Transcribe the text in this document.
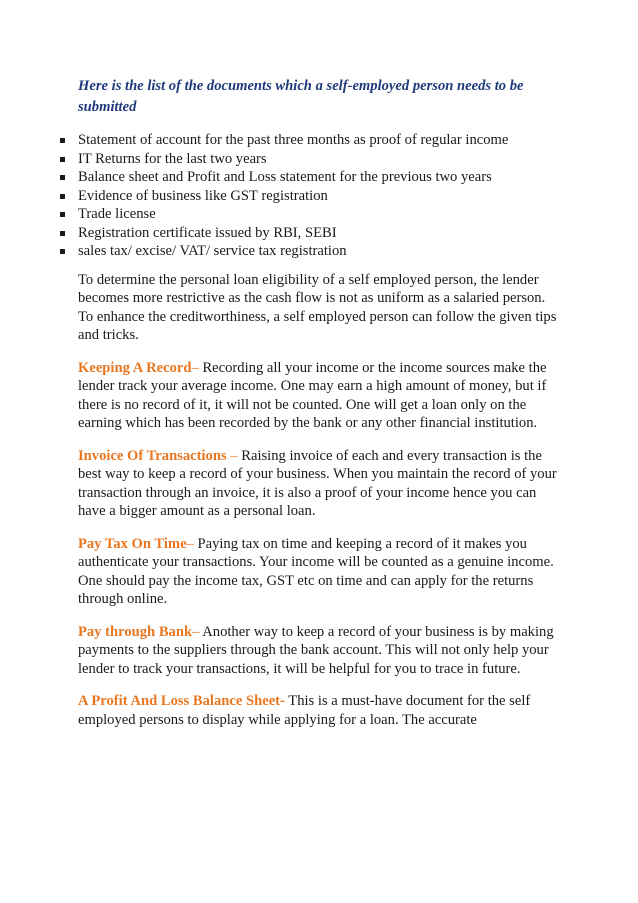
Here is the list of the documents which a self-employed person needs to be submitted
Statement of account for the past three months as proof of regular income
IT Returns for the last two years
Balance sheet and Profit and Loss statement for the previous two years
Evidence of business like GST registration
Trade license
Registration certificate issued by RBI, SEBI
sales tax/ excise/ VAT/ service tax registration

To determine the personal loan eligibility of a self employed person, the lender becomes more restrictive as the cash flow is not as uniform as a salaried person. To enhance the creditworthiness, a self employed person can follow the given tips and tricks.

Keeping A Record– Recording all your income or the income sources make the lender track your average income. One may earn a high amount of money, but if there is no record of it, it will not be counted. One will get a loan only on the earning which has been recorded by the bank or any other financial institution.

Invoice Of Transactions – Raising invoice of each and every transaction is the best way to keep a record of your business. When you maintain the record of your transaction through an invoice, it is also a proof of your income hence you can have a bigger amount as a personal loan.

Pay Tax On Time– Paying tax on time and keeping a record of it makes you authenticate your transactions. Your income will be counted as a genuine income. One should pay the income tax, GST etc on time and can apply for the returns through online.

Pay through Bank– Another way to keep a record of your business is by making payments to the suppliers through the bank account. This will not only help your lender to track your transactions, it will be helpful for you to trace in future.

A Profit And Loss Balance Sheet- This is a must-have document for the self employed persons to display while applying for a loan. The accurate
